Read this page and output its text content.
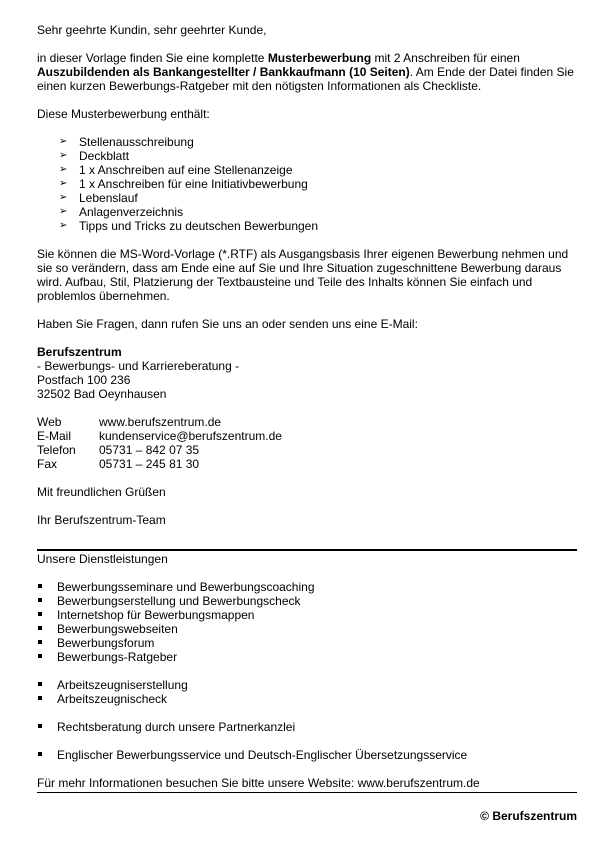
Sehr geehrte Kundin, sehr geehrter Kunde,

in dieser Vorlage finden Sie eine komplette Musterbewerbung mit 2 Anschreiben für einen
Auszubildenden als Bankangestellter / Bankkaufmann (10 Seiten). Am Ende der Datei finden Sie
einen kurzen Bewerbungs-Ratgeber mit den nötigsten Informationen als Checkliste.

Diese Musterbewerbung enthält:

➢ Stellenausschreibung
➢ Deckblatt
➢ 1 x Anschreiben auf eine Stellenanzeige
➢ 1 x Anschreiben für eine Initiativbewerbung
➢ Lebenslauf
➢ Anlagenverzeichnis
➢ Tipps und Tricks zu deutschen Bewerbungen

Sie können die MS-Word-Vorlage (*.RTF) als Ausgangsbasis Ihrer eigenen Bewerbung nehmen und
sie so verändern, dass am Ende eine auf Sie und Ihre Situation zugeschnittene Bewerbung daraus
wird. Aufbau, Stil, Platzierung der Textbausteine und Teile des Inhalts können Sie einfach und
problemlos übernehmen.

Haben Sie Fragen, dann rufen Sie uns an oder senden uns eine E-Mail:

Berufszentrum
- Bewerbungs- und Karriereberatung -
Postfach 100 236
32502 Bad Oeynhausen

Web	www.berufszentrum.de
E-Mail	kundenservice@berufszentrum.de
Telefon	05731 – 842 07 35
Fax	05731 – 245 81 30

Mit freundlichen Grüßen

Ihr Berufszentrum-Team

Unsere Dienstleistungen

Bewerbungsseminare und Bewerbungscoaching
Bewerbungserstellung und Bewerbungscheck
Internetshop für Bewerbungsmappen
Bewerbungswebseiten
Bewerbungsforum
Bewerbungs-Ratgeber
Arbeitszeugniserstellung
Arbeitszeugnischeck
Rechtsberatung durch unsere Partnerkanzlei
Englischer Bewerbungsservice und Deutsch-Englischer Übersetzungsservice

Für mehr Informationen besuchen Sie bitte unsere Website: www.berufszentrum.de

© Berufszentrum
